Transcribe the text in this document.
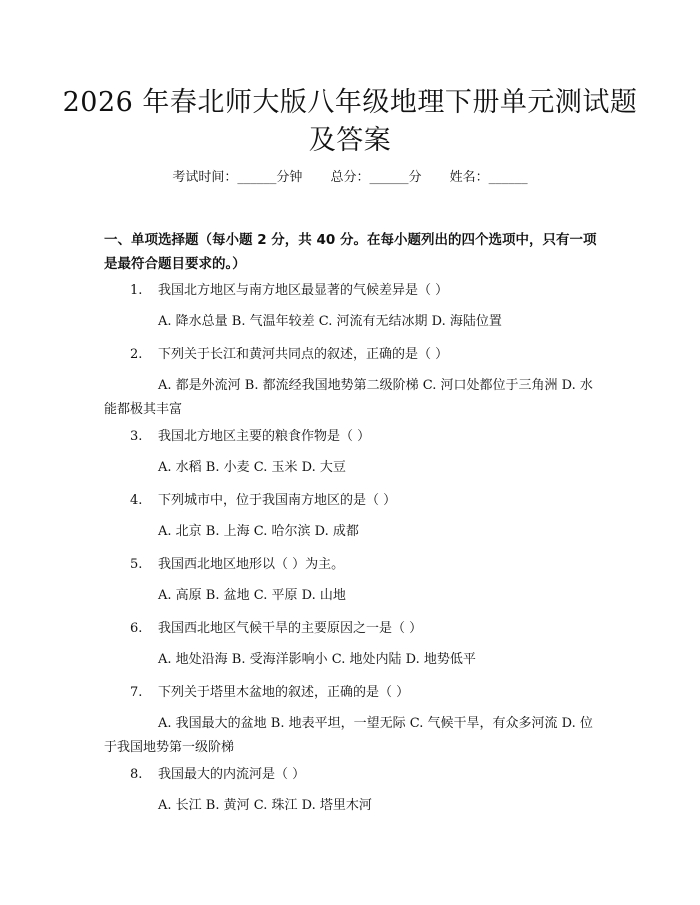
2026 年春北师大版八年级地理下册单元测试题及答案
考试时间：______分钟 总分：______分 姓名：______
一、单项选择题（每小题 2 分，共 40 分。在每小题列出的四个选项中，只有一项是最符合题目要求的。）
1. 我国北方地区与南方地区最显著的气候差异是（ ）
A. 降水总量 B. 气温年较差 C. 河流有无结冰期 D. 海陆位置
2. 下列关于长江和黄河共同点的叙述，正确的是（ ）
A. 都是外流河 B. 都流经我国地势第二级阶梯 C. 河口处都位于三角洲 D. 水能都极其丰富
3. 我国北方地区主要的粮食作物是（ ）
A. 水稻 B. 小麦 C. 玉米 D. 大豆
4. 下列城市中，位于我国南方地区的是（ ）
A. 北京 B. 上海 C. 哈尔滨 D. 成都
5. 我国西北地区地形以（ ）为主。
A. 高原 B. 盆地 C. 平原 D. 山地
6. 我国西北地区气候干旱的主要原因之一是（ ）
A. 地处沿海 B. 受海洋影响小 C. 地处内陆 D. 地势低平
7. 下列关于塔里木盆地的叙述，正确的是（ ）
A. 我国最大的盆地 B. 地表平坦，一望无际 C. 气候干旱，有众多河流 D. 位于我国地势第一级阶梯
8. 我国最大的内流河是（ ）
A. 长江 B. 黄河 C. 珠江 D. 塔里木河
